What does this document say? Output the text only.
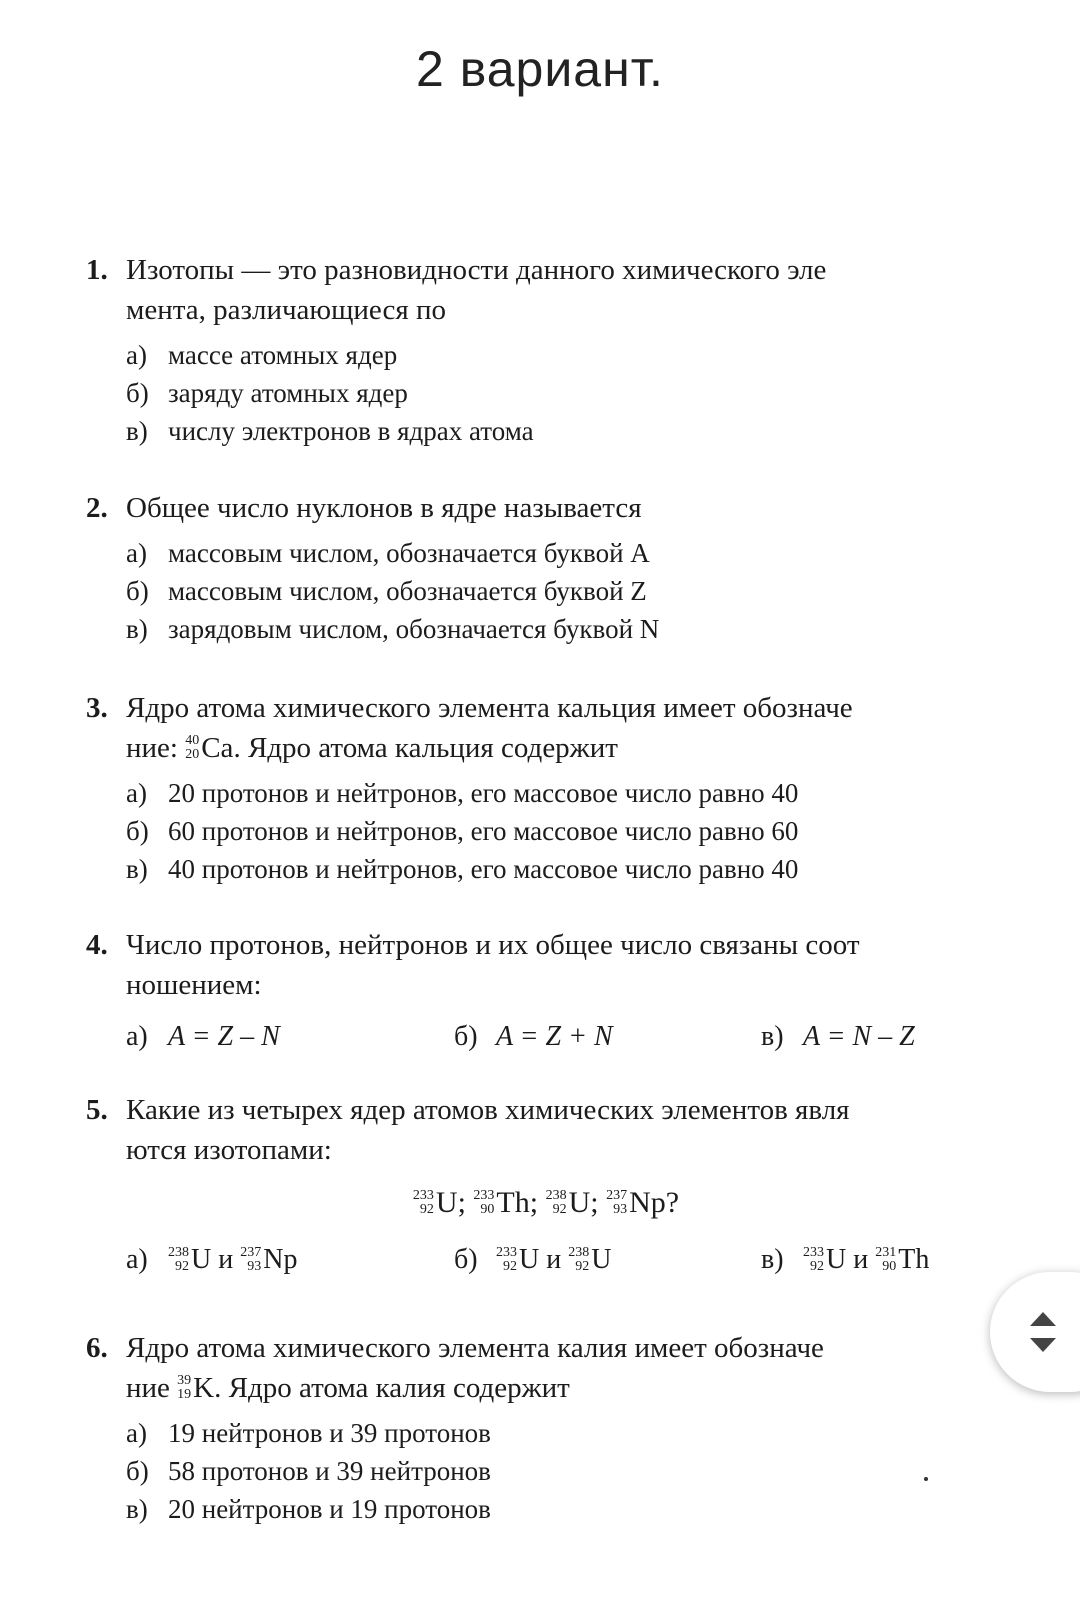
2 вариант.
1. Изотопы — это разновидности данного химического эле
мента, различающиеся по
а) массе атомных ядер
б) заряду атомных ядер
в) числу электронов в ядрах атома
2. Общее число нуклонов в ядре называется
а) массовым числом, обозначается буквой A
б) массовым числом, обозначается буквой Z
в) зарядовым числом, обозначается буквой N
3. Ядро атома химического элемента кальция имеет обозначе
ние: 40
20 Ca. Ядро атома кальция содержит
а) 20 протонов и нейтронов, его массовое число равно 40
б) 60 протонов и нейтронов, его массовое число равно 60
в) 40 протонов и нейтронов, его массовое число равно 40
4. Число протонов, нейтронов и их общее число связаны соот
ношением:
а) A = Z – N	б) A = Z + N	в) A = N – Z
5. Какие из четырех ядер атомов химических элементов явля
ются изотопами:
233
92 U; 233
90 Th; 238
92 U; 237
93 Np?
а) 238
92 U и 237
93 Np	б) 233
92 U и 238
92 U	в) 233
92 U и 231
90 Th
6. Ядро атома химического элемента калия имеет обозначе
ние 39
19 K. Ядро атома калия содержит
а) 19 нейтронов и 39 протонов
б) 58 протонов и 39 нейтронов
в) 20 нейтронов и 19 протонов
